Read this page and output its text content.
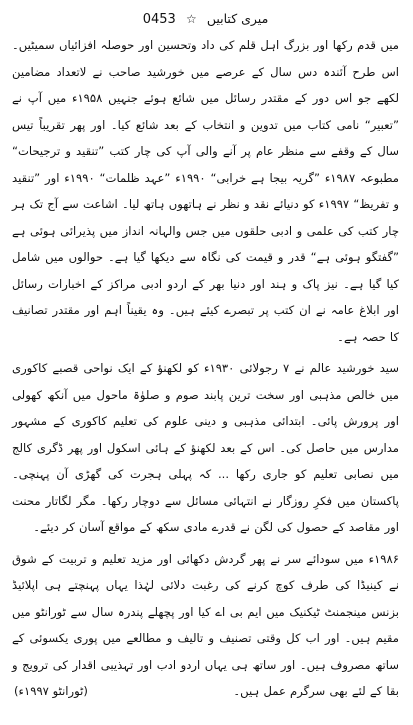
0453 ☆ میری کتابیں

میں قدم رکھا اور بزرگ اہل قلم کی داد وتحسین اور حوصلہ افزائیاں سمیٹیں۔ اس طرح آئندہ دس سال کے عرصے میں خورشید صاحب نے لاتعداد مضامین لکھے جو اس دور کے مقتدر رسائل میں شائع ہوئے جنہیں ۱۹۵۸ء میں آپ نے ”تعبیر“ نامی کتاب میں تدوین و انتخاب کے بعد شائع کیا۔ اور پھر تقریباً تیس سال کے وقفے سے منظر عام پر آنے والی آپ کی چار کتب ”تنقید و ترجیحات“ مطبوعہ ۱۹۸۷ء ”گریہ بیجا ہے خرابی“ ۱۹۹۰ء ”عہد ظلمات“ ۱۹۹۰ء اور ”تنقید و تفریظ“ ۱۹۹۷ء کو دنیائے نقد و نظر نے ہاتھوں ہاتھ لیا۔ اشاعت سے آج تک ہر چار کتب کی علمی و ادبی حلقوں میں جس والہانہ انداز میں پذیرائی ہوئی ہے ”گفتگو ہوئی ہے“ قدر و قیمت کی نگاہ سے دیکھا گیا ہے۔ حوالوں میں شامل کیا گیا ہے۔ نیز پاک و ہند اور دنیا بھر کے اردو ادبی مراکز کے اخبارات رسائل اور ابلاغ عامہ نے ان کتب پر تبصرے کیئے ہیں۔ وہ یقیناً اہم اور مقتدر تصانیف کا حصہ ہے۔

سید خورشید عالم نے ۷ رجولائی ۱۹۳۰ء کو لکھنؤ کے ایک نواحی قصبے کاکوری میں خالص مذہبی اور سخت ترین پابند صوم و صلوٰۃ ماحول میں آنکھ کھولی اور پرورش پائی۔ ابتدائی مذہبی و دینی علوم کی تعلیم کاکوری کے مشہور مدارس میں حاصل کی۔ اس کے بعد لکھنؤ کے ہائی اسکول اور پھر ڈگری کالج میں نصابی تعلیم کو جاری رکھا ... کہ پہلی ہجرت کی گھڑی آن پہنچی۔ پاکستان میں فکرِ روزگار نے انتہائی مسائل سے دوچار رکھا۔ مگر لگاتار محنت اور مقاصد کے حصول کی لگن نے قدرے مادی سکھ کے مواقع آسان کر دیئے۔

۱۹۸۶ء میں سودائے سر نے پھر گردش دکھائی اور مزید تعلیم و تربیت کے شوق نے کینیڈا کی طرف کوچ کرنے کی رغبت دلائی لہٰذا یہاں پہنچتے ہی اپلائیڈ بزنس مینجمنٹ ٹیکنیک میں ایم بی اے کیا اور پچھلے پندرہ سال سے ٹورانٹو میں مقیم ہیں۔ اور اب کل وقتی تصنیف و تالیف و مطالعے میں پوری یکسوئی کے ساتھ مصروف ہیں۔ اور ساتھ ہی یہاں اردو ادب اور تہذیبی اقدار کی ترویج و بقا کے لئے بھی سرگرم عمل ہیں۔

(ٹورانٹو ۱۹۹۷ء)
